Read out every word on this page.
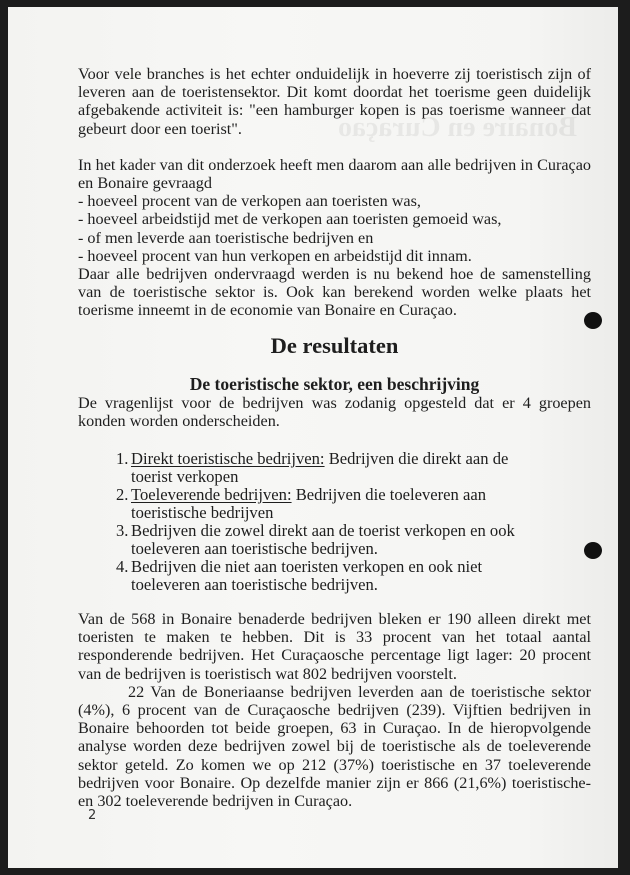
Bonaire en Curaçao

Voor vele branches is het echter onduidelijk in hoeverre zij toeristisch zijn of leveren aan de toeristensektor. Dit komt doordat het toerisme geen duidelijk afgebakende activiteit is: "een hamburger kopen is pas toerisme wanneer dat gebeurt door een toerist".

In het kader van dit onderzoek heeft men daarom aan alle bedrijven in Curaçao en Bonaire gevraagd

- hoeveel procent van de verkopen aan toeristen was,
- hoeveel arbeidstijd met de verkopen aan toeristen gemoeid was,
- of men leverde aan toeristische bedrijven en
- hoeveel procent van hun verkopen en arbeidstijd dit innam.

Daar alle bedrijven ondervraagd werden is nu bekend hoe de samenstelling van de toeristische sektor is. Ook kan berekend worden welke plaats het toerisme inneemt in de economie van Bonaire en Curaçao.

De resultaten
De toeristische sektor, een beschrijving

De vragenlijst voor de bedrijven was zodanig opgesteld dat er 4 groepen konden worden onderscheiden.

1. Direkt toeristische bedrijven: Bedrijven die direkt aan de toerist verkopen
2. Toeleverende bedrijven: Bedrijven die toeleveren aan toeristische bedrijven
3. Bedrijven die zowel direkt aan de toerist verkopen en ook toeleveren aan toeristische bedrijven.
4. Bedrijven die niet aan toeristen verkopen en ook niet toeleveren aan toeristische bedrijven.

Van de 568 in Bonaire benaderde bedrijven bleken er 190 alleen direkt met toeristen te maken te hebben. Dit is 33 procent van het totaal aantal responderende bedrijven. Het Curaçaosche percentage ligt lager: 20 procent van de bedrijven is toeristisch wat 802 bedrijven voorstelt.

22 Van de Boneriaanse bedrijven leverden aan de toeristische sektor (4%), 6 procent van de Curaçaosche bedrijven (239). Vijftien bedrijven in Bonaire behoorden tot beide groepen, 63 in Curaçao. In de hieropvolgende analyse worden deze bedrijven zowel bij de toeristische als de toeleverende sektor geteld. Zo komen we op 212 (37%) toeristische en 37 toeleverende bedrijven voor Bonaire. Op dezelfde manier zijn er 866 (21,6%) toeristische- en 302 toeleverende bedrijven in Curaçao.

2
